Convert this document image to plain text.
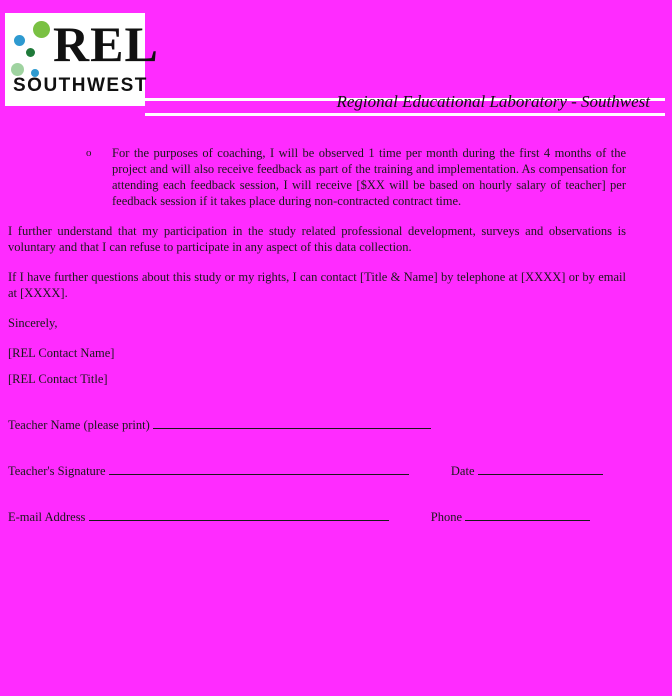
REL
SOUTHWEST
Regional Educational Laboratory - Southwest
o For the purposes of coaching, I will be observed 1 time per month during the first 4 months of the project and will also receive feedback as part of the training and implementation. As compensation for attending each feedback session, I will receive [$XX will be based on hourly salary of teacher] per feedback session if it takes place during non-contracted contract time.

I further understand that my participation in the study related professional development, surveys and observations is voluntary and that I can refuse to participate in any aspect of this data collection.

If I have further questions about this study or my rights, I can contact [Title & Name] by telephone at [XXXX] or by email at [XXXX].

Sincerely,

[REL Contact Name]

[REL Contact Title]

Teacher Name (please print)
Teacher's Signature	Date
E-mail Address	Phone
